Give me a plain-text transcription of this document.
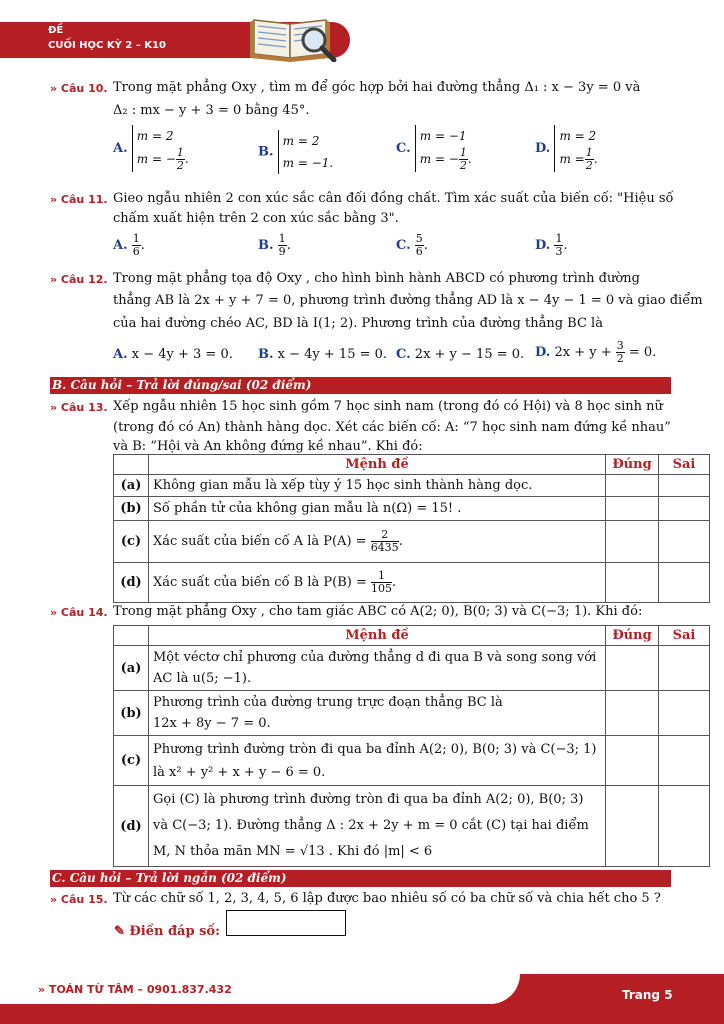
ĐỀ
CUỐI HỌC KỲ 2 – K10
» Câu 10. Trong mặt phẳng Oxy , tìm m để góc hợp bởi hai đường thẳng Δ₁ : x − 3y = 0 và
Δ₂ : mx − y + 3 = 0 bằng 45°.
A. m = 2
m = − $\frac{1}{2}$ .	B. m = 2
m = −1.
C. m = −1
m = − $\frac{1}{2}$ .
D. m = 2
$m = \frac{1}{2}$ .
» Câu 11. Gieo ngẫu nhiên 2 con xúc sắc cân đối đồng chất. Tìm xác suất của biến cố: "Hiệu số
chấm xuất hiện trên 2 con xúc sắc bằng 3".
A. $\frac{1}{6}$ .	B. $\frac{1}{9}$ .	C. $\frac{5}{6}$ .	D. $\frac{1}{3}$ .
» Câu 12. Trong mặt phẳng tọa độ Oxy , cho hình bình hành ABCD có phương trình đường
thẳng AB là 2x + y + 7 = 0, phương trình đường thẳng AD là x − 4y − 1 = 0 và giao điểm
của hai đường chéo AC, BD là I(1; 2). Phương trình của đường thẳng BC là
A. x − 4y + 3 = 0. B. x − 4y + 15 = 0. C. 2x + y − 15 = 0. D. $2x + y + \frac{3}{2} = 0$.
B. Câu hỏi – Trả lời đúng/sai (02 điểm)
» Câu 13. Xếp ngẫu nhiên 15 học sinh gồm 7 học sinh nam (trong đó có Hội) và 8 học sinh nữ
(trong đó có An) thành hàng dọc. Xét các biến cố: A: “7 học sinh nam đứng kề nhau”
và B: “Hội và An không đứng kề nhau”. Khi đó:
	Mệnh đề	Đúng	Sai
(a)	Không gian mẫu là xếp tùy ý 15 học sinh thành hàng dọc.		
(b)	Số phần tử của không gian mẫu là n(Ω) = 15! .		
(c)	Xác suất của biến cố A là $P(A) = \frac{2}{6435}$ .		
(d)	Xác suất của biến cố B là $P(B) = \frac{1}{105}$ .		
» Câu 14. Trong mặt phẳng Oxy , cho tam giác ABC có A(2; 0), B(0; 3) và C(−3; 1). Khi đó:
	Mệnh đề	Đúng	Sai
(a)	Một véctơ chỉ phương của đường thẳng d đi qua B và song song với
AC là u(5; −1).		
(b)	Phương trình của đường trung trực đoạn thẳng BC là
12x + 8y − 7 = 0.		
(c)	Phương trình đường tròn đi qua ba đỉnh A(2; 0), B(0; 3) và C(−3; 1)
là x² + y² + x + y − 6 = 0.		
(d)	Gọi (C) là phương trình đường tròn đi qua ba đỉnh A(2; 0), B(0; 3)
và C(−3; 1). Đường thẳng Δ : 2x + 2y + m = 0 cắt (C) tại hai điểm
M, N thỏa mãn MN = √13 . Khi đó |m| < 6		
C. Câu hỏi – Trả lời ngắn (02 điểm)
» Câu 15. Từ các chữ số 1, 2, 3, 4, 5, 6 lập được bao nhiêu số có ba chữ số và chia hết cho 5 ?
✎ Điền đáp số:
» TOÁN TỪ TÂM – 0901.837.432	Trang 5
